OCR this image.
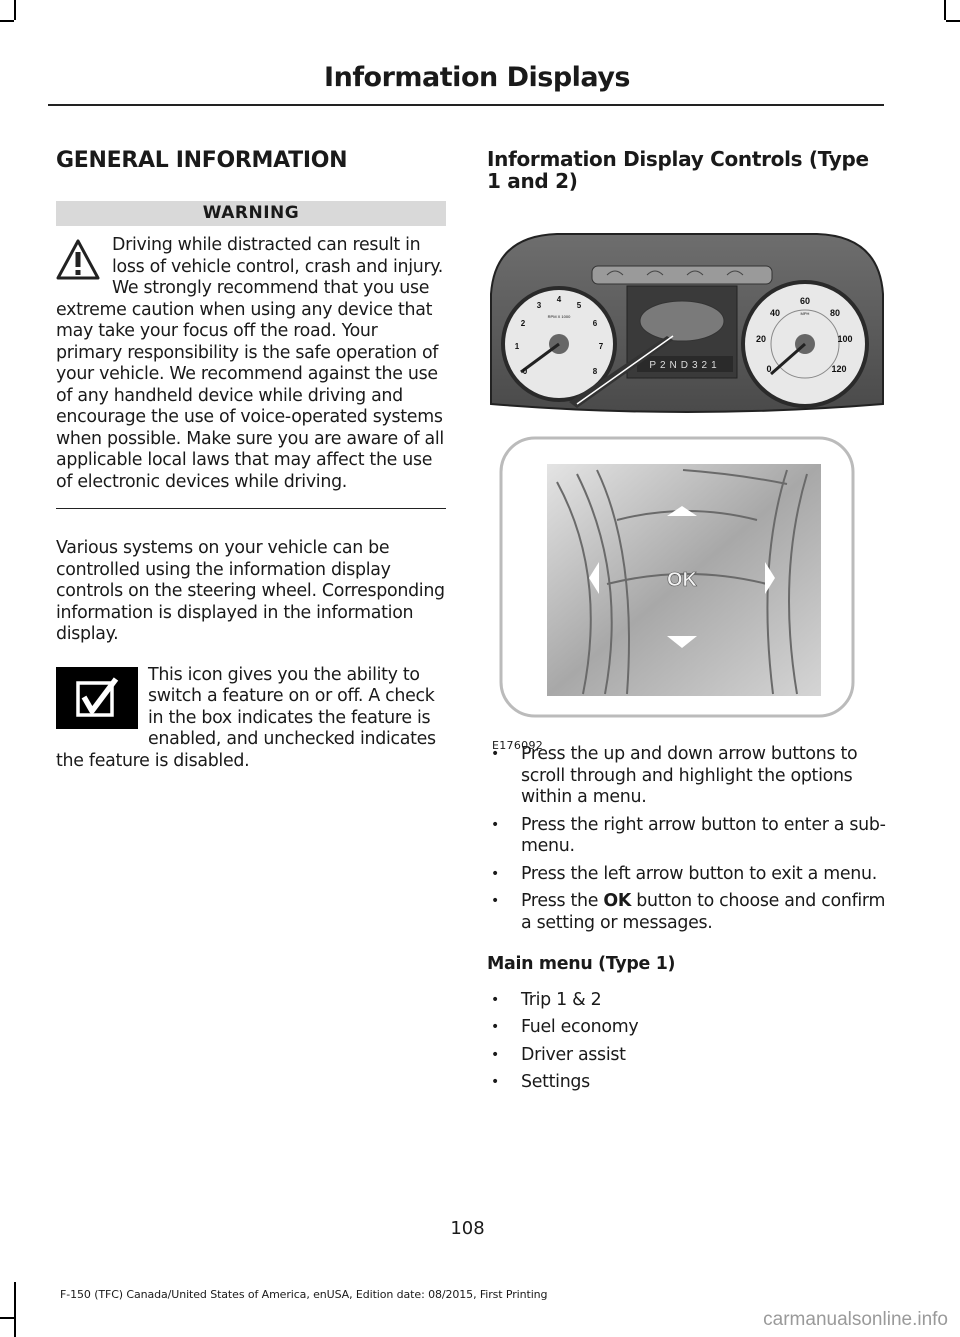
Information Displays
GENERAL INFORMATION
WARNING
Driving while distracted can result in loss of vehicle control, crash and injury. We strongly recommend that you use extreme caution when using any device that may take your focus off the road. Your primary responsibility is the safe operation of your vehicle. We recommend against the use of any handheld device while driving and encourage the use of voice-operated systems when possible. Make sure you are aware of all applicable local laws that may affect the use of electronic devices while driving.

Various systems on your vehicle can be controlled using the information display controls on the steering wheel. Corresponding information is displayed in the information display.

This icon gives you the ability to switch a feature on or off. A check in the box indicates the feature is enabled, and unchecked indicates the feature is disabled.
Information Display Controls (Type 1 and 2)
0
1
2
3
4
5
6
7
8
RPM X 1000
P2ND321	0
20
40
60
80
100
120
MPH
OK
E176092
• Press the up and down arrow buttons to scroll through and highlight the options within a menu.
• Press the right arrow button to enter a sub-menu.
• Press the left arrow button to exit a menu.
• Press the OK button to choose and confirm a setting or messages.
Main menu (Type 1)
• Trip 1 & 2
• Fuel economy
• Driver assist
• Settings
108
F-150 (TFC) Canada/United States of America, enUSA, Edition date: 08/2015, First Printing
carmanualsonline.info
